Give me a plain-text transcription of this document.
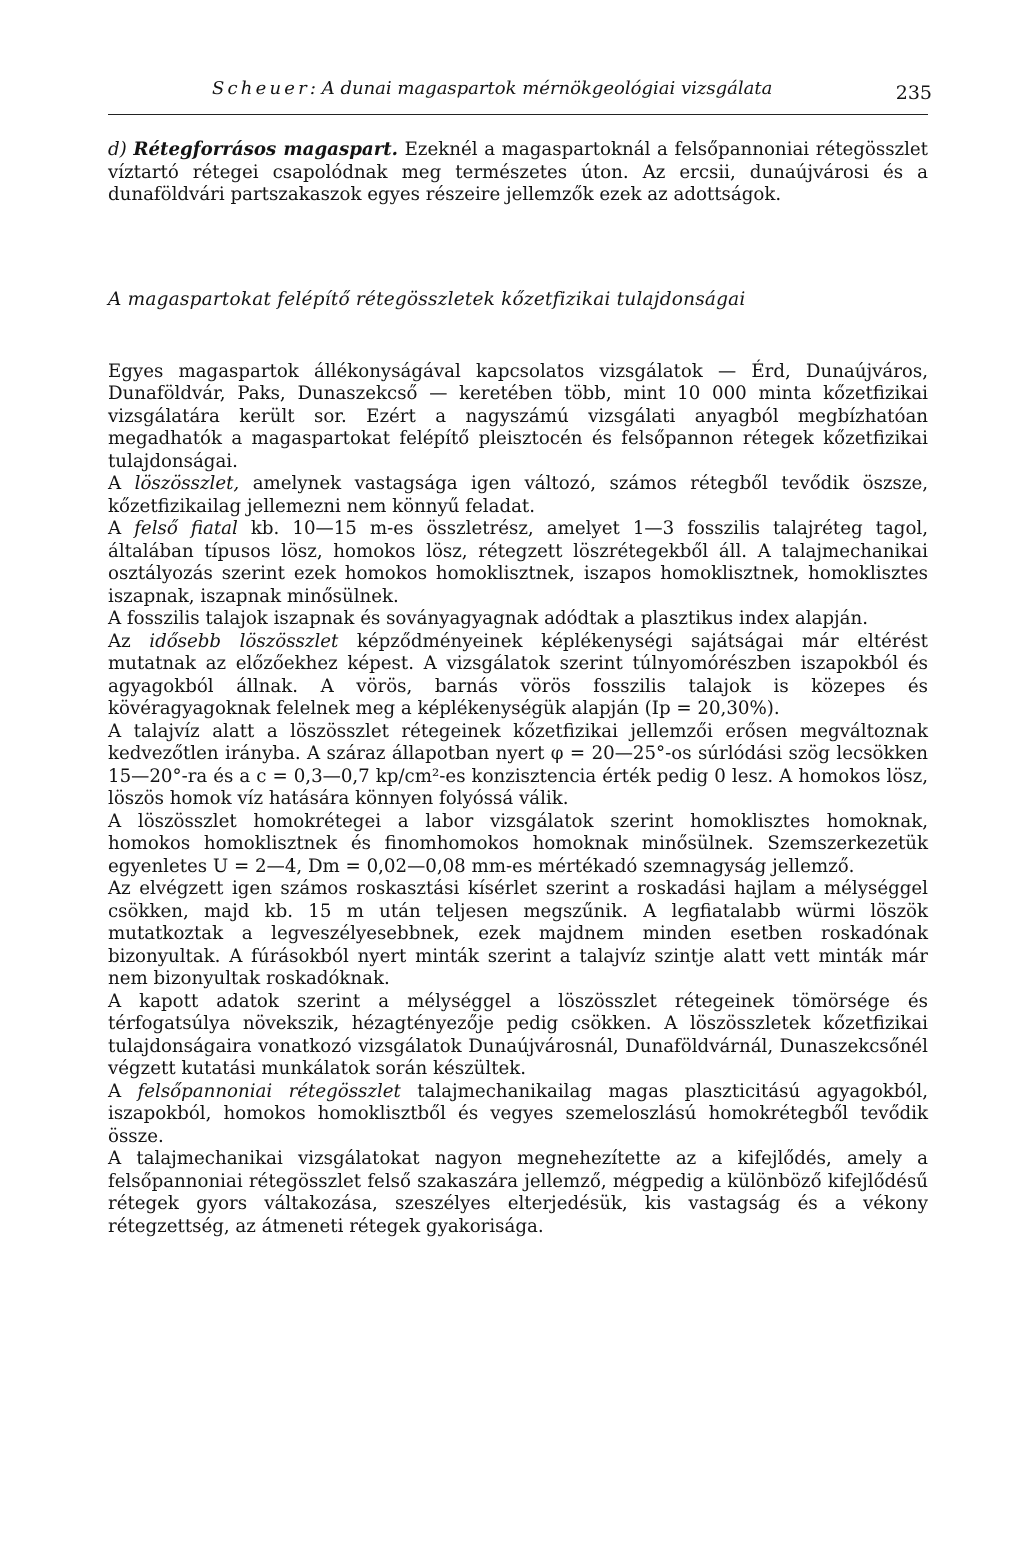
Scheuer: A dunai magaspartok mérnökgeológiai vizsgálata	235

d) Rétegforrásos magaspart. Ezeknél a magaspartoknál a felsőpannoniai rétegösszlet víztartó rétegei csapolódnak meg természetes úton. Az ercsii, dunaújvárosi és a dunaföldvári partszakaszok egyes részeire jellemzők ezek az adottságok.

A magaspartokat felépítő rétegösszletek kőzetfizikai tulajdonságai

Egyes magaspartok állékonyságával kapcsolatos vizsgálatok — Érd, Dunaújváros, Dunaföldvár, Paks, Dunaszekcső — keretében több, mint 10 000 minta kőzetfizikai vizsgálatára került sor. Ezért a nagyszámú vizsgálati anyagból megbízhatóan megadhatók a magaspartokat felépítő pleisztocén és felsőpannon rétegek kőzetfizikai tulajdonságai.

A löszösszlet, amelynek vastagsága igen változó, számos rétegből tevődik öszsze, kőzetfizikailag jellemezni nem könnyű feladat.

A felső fiatal kb. 10—15 m-es összletrész, amelyet 1—3 fosszilis talajréteg tagol, általában típusos lösz, homokos lösz, rétegzett löszrétegekből áll. A talajmechanikai osztályozás szerint ezek homokos homoklisztnek, iszapos homoklisztnek, homoklisztes iszapnak, iszapnak minősülnek.

A fosszilis talajok iszapnak és soványagyagnak adódtak a plasztikus index alapján.

Az idősebb löszösszlet képződményeinek képlékenységi sajátságai már eltérést mutatnak az előzőekhez képest. A vizsgálatok szerint túlnyomórészben iszapokból és agyagokból állnak. A vörös, barnás vörös fosszilis talajok is közepes és kövéragyagoknak felelnek meg a képlékenységük alapján (Ip = 20,30%).

A talajvíz alatt a löszösszlet rétegeinek kőzetfizikai jellemzői erősen megváltoznak kedvezőtlen irányba. A száraz állapotban nyert φ = 20—25°-os súrlódási szög lecsökken 15—20°-ra és a c = 0,3—0,7 kp/cm²-es konzisztencia érték pedig 0 lesz. A homokos lösz, löszös homok víz hatására könnyen folyóssá válik.

A löszösszlet homokrétegei a labor vizsgálatok szerint homoklisztes homoknak, homokos homoklisztnek és finomhomokos homoknak minősülnek. Szemszerkezetük egyenletes U = 2—4, Dm = 0,02—0,08 mm-es mértékadó szemnagyság jellemző.

Az elvégzett igen számos roskasztási kísérlet szerint a roskadási hajlam a mélységgel csökken, majd kb. 15 m után teljesen megszűnik. A legfiatalabb würmi löszök mutatkoztak a legveszélyesebbnek, ezek majdnem minden esetben roskadónak bizonyultak. A fúrásokból nyert minták szerint a talajvíz szintje alatt vett minták már nem bizonyultak roskadóknak.

A kapott adatok szerint a mélységgel a löszösszlet rétegeinek tömörsége és térfogatsúlya növekszik, hézagtényezője pedig csökken. A löszösszletek kőzetfizikai tulajdonságaira vonatkozó vizsgálatok Dunaújvárosnál, Dunaföldvárnál, Dunaszekcsőnél végzett kutatási munkálatok során készültek.

A felsőpannoniai rétegösszlet talajmechanikailag magas plaszticitású agyagokból, iszapokból, homokos homoklisztből és vegyes szemeloszlású homokrétegből tevődik össze.

A talajmechanikai vizsgálatokat nagyon megnehezítette az a kifejlődés, amely a felsőpannoniai rétegösszlet felső szakaszára jellemző, mégpedig a különböző kifejlődésű rétegek gyors váltakozása, szeszélyes elterjedésük, kis vastagság és a vékony rétegzettség, az átmeneti rétegek gyakorisága.
